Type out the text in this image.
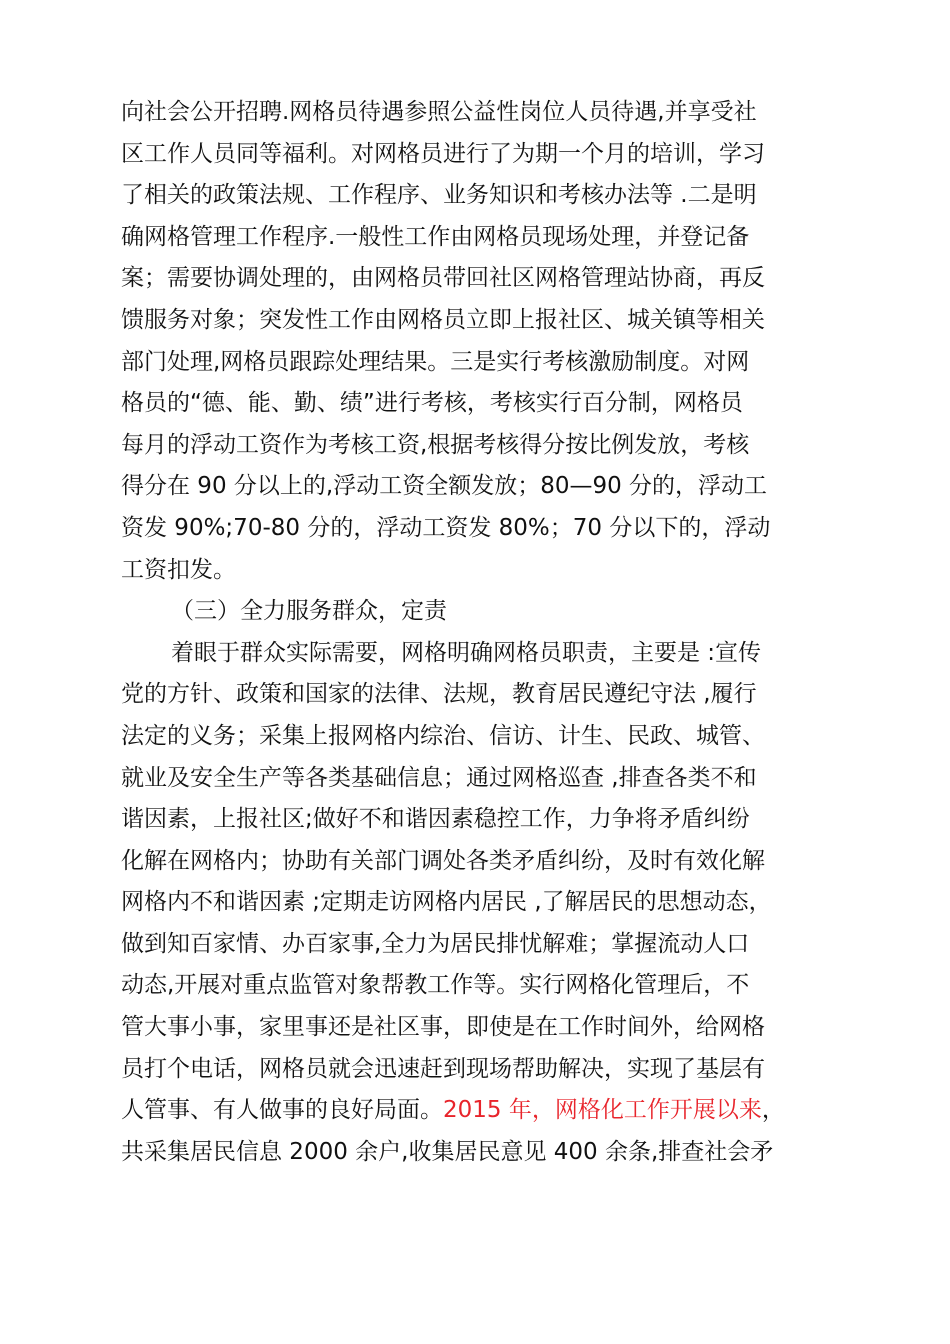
向社会公开招聘.网格员待遇参照公益性岗位人员待遇,并享受社
区工作人员同等福利。对网格员进行了为期一个月的培训，学习
了相关的政策法规、工作程序、业务知识和考核办法等 .二是明
确网格管理工作程序.一般性工作由网格员现场处理，并登记备
案；需要协调处理的，由网格员带回社区网格管理站协商，再反
馈服务对象；突发性工作由网格员立即上报社区、城关镇等相关
部门处理,网格员跟踪处理结果。三是实行考核激励制度。对网
格员的“德、能、勤、绩”进行考核，考核实行百分制，网格员
每月的浮动工资作为考核工资,根据考核得分按比例发放，考核
得分在 90 分以上的,浮动工资全额发放；80—90 分的，浮动工
资发 90%;70-80 分的，浮动工资发 80%；70 分以下的，浮动
工资扣发。
（三）全力服务群众，定责
着眼于群众实际需要，网格明确网格员职责，主要是 :宣传
党的方针、政策和国家的法律、法规，教育居民遵纪守法 ,履行
法定的义务；采集上报网格内综治、信访、计生、民政、城管、
就业及安全生产等各类基础信息；通过网格巡查 ,排查各类不和
谐因素，上报社区;做好不和谐因素稳控工作，力争将矛盾纠纷
化解在网格内；协助有关部门调处各类矛盾纠纷，及时有效化解
网格内不和谐因素 ;定期走访网格内居民 ,了解居民的思想动态，
做到知百家情、办百家事,全力为居民排忧解难；掌握流动人口
动态,开展对重点监管对象帮教工作等。实行网格化管理后，不
管大事小事，家里事还是社区事，即使是在工作时间外，给网格
员打个电话，网格员就会迅速赶到现场帮助解决，实现了基层有
人管事、有人做事的良好局面。2015 年，网格化工作开展以来，
共采集居民信息 2000 余户,收集居民意见 400 余条,排查社会矛
